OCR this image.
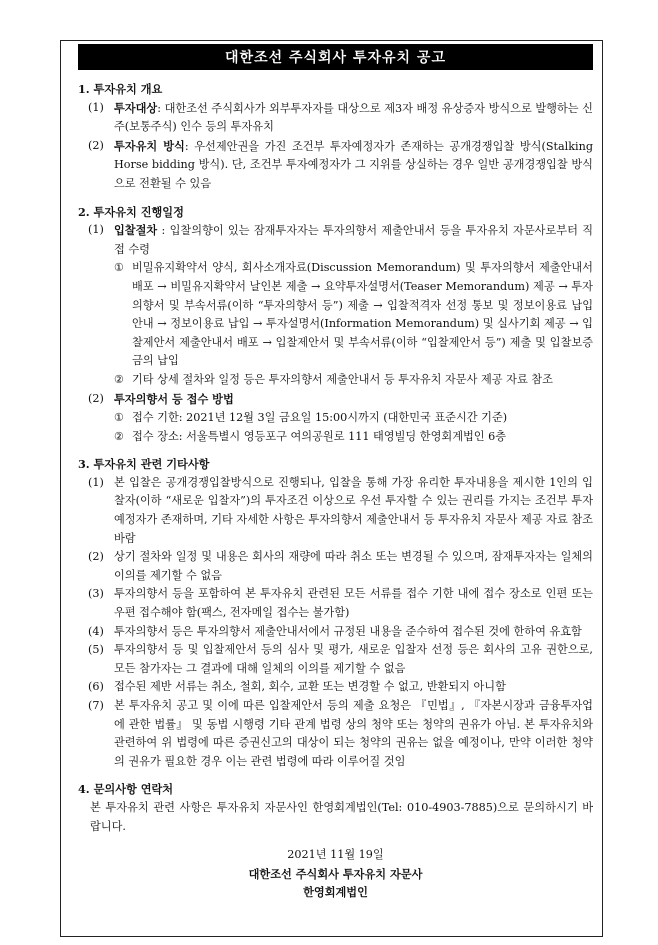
대한조선 주식회사 투자유치 공고
1. 투자유치 개요
(1) 투자대상: 대한조선 주식회사가 외부투자자를 대상으로 제3자 배정 유상증자 방식으로 발행하는 신주(보통주식) 인수 등의 투자유치
(2) 투자유치 방식: 우선제안권을 가진 조건부 투자예정자가 존재하는 공개경쟁입찰 방식(Stalking Horse bidding 방식). 단, 조건부 투자예정자가 그 지위를 상실하는 경우 일반 공개경쟁입찰 방식으로 전환될 수 있음
2. 투자유치 진행일정
(1) 입찰절차 : 입찰의향이 있는 잠재투자자는 투자의향서 제출안내서 등을 투자유치 자문사로부터 직접 수령
① 비밀유지확약서 양식, 회사소개자료(Discussion Memorandum) 및 투자의향서 제출안내서 배포 → 비밀유지확약서 날인본 제출 → 요약투자설명서(Teaser Memorandum) 제공 → 투자의향서 및 부속서류(이하 “투자의향서 등”) 제출 → 입찰적격자 선정 통보 및 정보이용료 납입 안내 → 정보이용료 납입 → 투자설명서(Information Memorandum) 및 실사기회 제공 → 입찰제안서 제출안내서 배포 → 입찰제안서 및 부속서류(이하 “입찰제안서 등”) 제출 및 입찰보증금의 납입
② 기타 상세 절차와 일정 등은 투자의향서 제출안내서 등 투자유치 자문사 제공 자료 참조
(2) 투자의향서 등 접수 방법
① 접수 기한: 2021년 12월 3일 금요일 15:00시까지 (대한민국 표준시간 기준)
② 접수 장소: 서울특별시 영등포구 여의공원로 111 태영빌딩 한영회계법인 6층
3. 투자유치 관련 기타사항
(1) 본 입찰은 공개경쟁입찰방식으로 진행되나, 입찰을 통해 가장 유리한 투자내용을 제시한 1인의 입찰자(이하 “새로운 입찰자”)의 투자조건 이상으로 우선 투자할 수 있는 권리를 가지는 조건부 투자예정자가 존재하며, 기타 자세한 사항은 투자의향서 제출안내서 등 투자유치 자문사 제공 자료 참조바람
(2) 상기 절차와 일정 및 내용은 회사의 재량에 따라 취소 또는 변경될 수 있으며, 잠재투자자는 일체의 이의를 제기할 수 없음
(3) 투자의향서 등을 포함하여 본 투자유치 관련된 모든 서류를 접수 기한 내에 접수 장소로 인편 또는 우편 접수해야 함(팩스, 전자메일 접수는 불가함)
(4) 투자의향서 등은 투자의향서 제출안내서에서 규정된 내용을 준수하여 접수된 것에 한하여 유효함
(5) 투자의향서 등 및 입찰제안서 등의 심사 및 평가, 새로운 입찰자 선정 등은 회사의 고유 권한으로, 모든 참가자는 그 결과에 대해 일체의 이의를 제기할 수 없음
(6) 접수된 제반 서류는 취소, 철회, 회수, 교환 또는 변경할 수 없고, 반환되지 아니함
(7) 본 투자유치 공고 및 이에 따른 입찰제안서 등의 제출 요청은 『민법』, 『자본시장과 금융투자업에 관한 법률』 및 동법 시행령 기타 관계 법령 상의 청약 또는 청약의 권유가 아님. 본 투자유치와 관련하여 위 법령에 따른 증권신고의 대상이 되는 청약의 권유는 없을 예정이나, 만약 이러한 청약의 권유가 필요한 경우 이는 관련 법령에 따라 이루어질 것임
4. 문의사항 연락처
본 투자유치 관련 사항은 투자유치 자문사인 한영회계법인(Tel: 010-4903-7885)으로 문의하시기 바랍니다.
2021년 11월 19일
대한조선 주식회사 투자유치 자문사
한영회계법인
